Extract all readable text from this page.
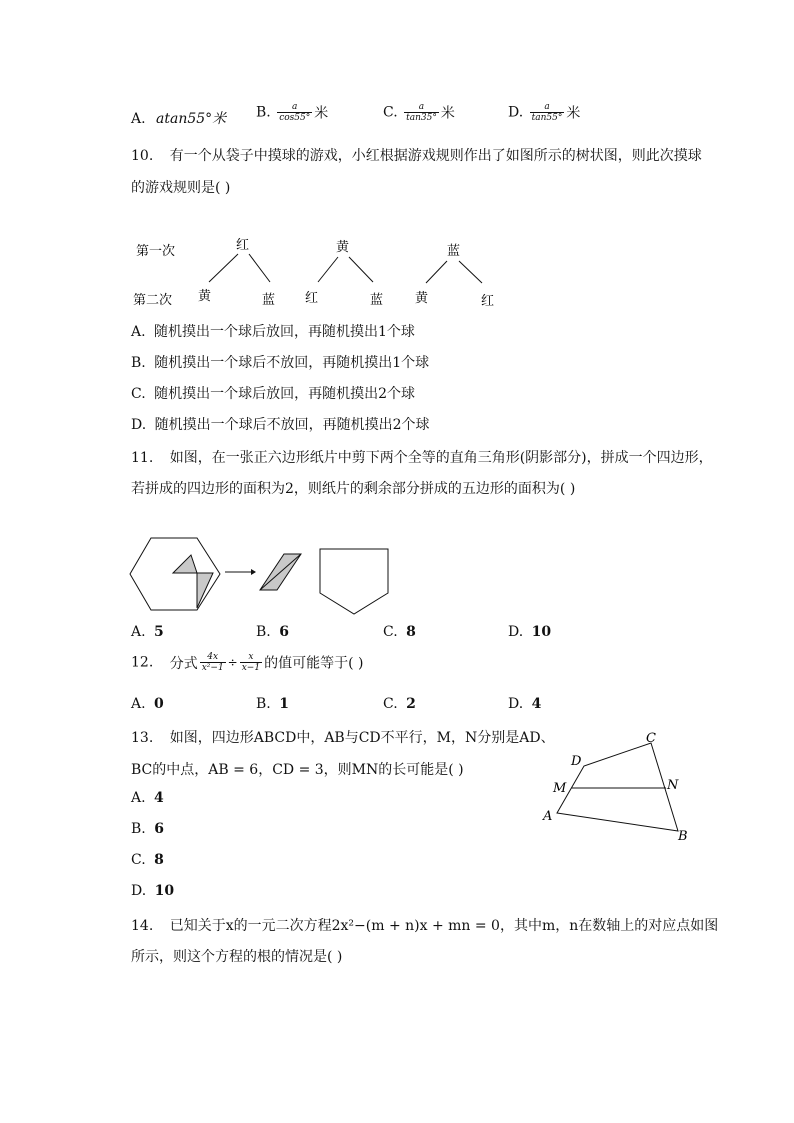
A. atan55°米 B. $\frac{a}{\cos 55^\circ}$ 米	C. $\frac{a}{\tan 35^\circ}$ 米	D. $\frac{a}{\tan 55^\circ}$ 米
10. 有一个从袋子中摸球的游戏，小红根据游戏规则作出了如图所示的树状图，则此次摸球
的游戏规则是( )
第一次
第二次
红	黄	蓝
黄	蓝 红	蓝 黄	红
A. 随机摸出一个球后放回，再随机摸出1个球
B. 随机摸出一个球后不放回，再随机摸出1个球
C. 随机摸出一个球后放回，再随机摸出2个球
D. 随机摸出一个球后不放回，再随机摸出2个球
11. 如图，在一张正六边形纸片中剪下两个全等的直角三角形(阴影部分)，拼成一个四边形，
若拼成的四边形的面积为2，则纸片的剩余部分拼成的五边形的面积为( )
A. 5	B. 6	C. 8	D. 10
12. 分式 $\frac{4x}{\text{x²−1}} \div \frac{x}{x-1}$ 的值可能等于( )
A. 0	B. 1	C. 2	D. 4
13. 如图，四边形ABCD中，AB与CD不平行，M，N分别是AD、
BC的中点，AB = 6，CD = 3，则MN的长可能是( )
A. 4
B. 6
C. 8
D. 10
A
B
C
D
M	N
14. 已知关于x的一元二次方程2x²−(m + n)x + mn = 0，其中m，n在数轴上的对应点如图
所示，则这个方程的根的情况是( )
